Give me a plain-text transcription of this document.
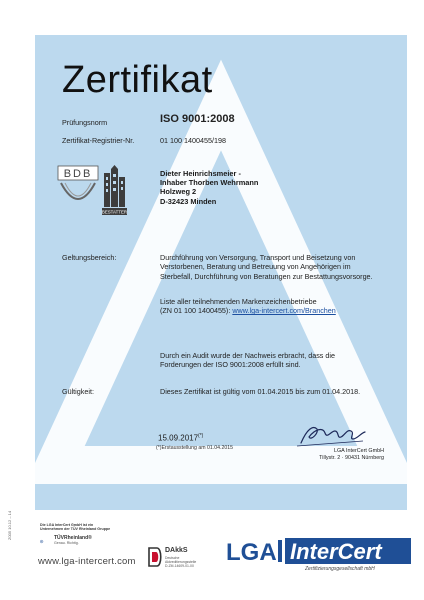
Zertifikat
Prüfungsnorm	ISO 9001:2008
Zertifikat-Registrier-Nr.	01 100 1400455/198
BDB
BESTATTER
Dieter Heinrichsmeier -
Inhaber Thorben Wehrmann
Holzweg 2
D-32423 Minden
Geltungsbereich:	Durchführung von Versorgung, Transport und Beisetzung von Verstorbenen, Beratung und Betreuung von Angehörigen im Sterbefall, Durchführung von Beratungen zur Bestattungsvorsorge.
Liste aller teilnehmenden Markenzeichenbetriebe
(ZN 01 100 1400455): www.lga-intercert.com/Branchen
Durch ein Audit wurde der Nachweis erbracht, dass die Forderungen der ISO 9001:2008 erfüllt sind.
Gültigkeit:	Dieses Zertifikat ist gültig vom 01.04.2015 bis zum 01.04.2018.
15.09.2017(*)
(*)Erstausstellung am 01.04.2015	LGA InterCert GmbH
Tillystr. 2 · 90431 Nürnberg
Z005 10.12 – 14	Die LGA InterCert GmbH ist ein
Unternehmen der TÜV Rheinland Gruppe
TÜVRheinland®
Genau. Richtig.
www.lga-intercert.com
DAkkS
Deutsche
Akkreditierungsstelle
D-ZM-14609-01-00 LGA InterCert
Zertifizierungsgesellschaft mbH
